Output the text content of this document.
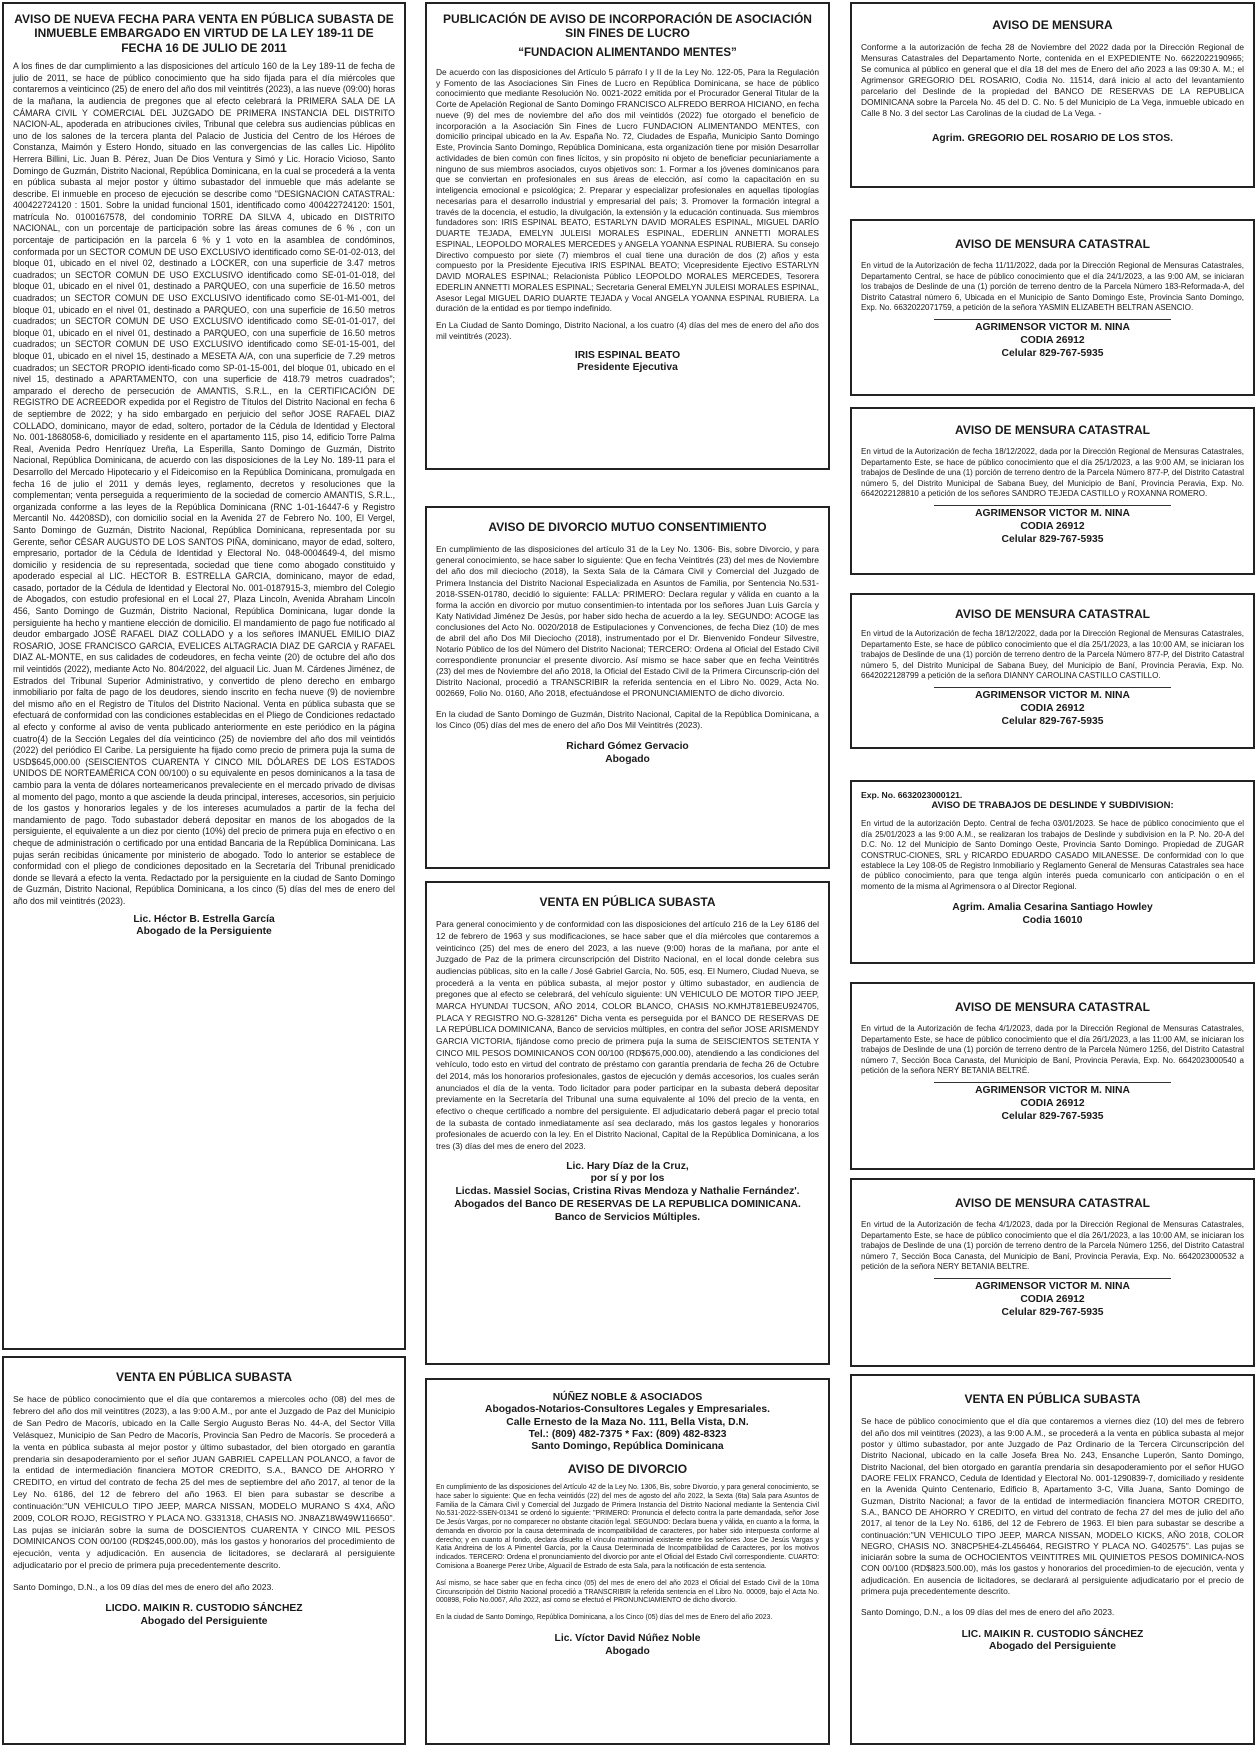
AVISO DE NUEVA FECHA PARA VENTA EN PÚBLICA SUBASTA DE INMUEBLE EMBARGADO EN VIRTUD DE LA LEY 189-11 DE FECHA 16 DE JULIO DE 2011
A los fines de dar cumplimiento a las disposiciones del artículo 160 de la Ley 189-11 de fecha de julio de 2011, se hace de público conocimiento que ha sido fijada para el día miércoles que contaremos a veinticinco (25) de enero del año dos mil veintitrés (2023), a las nueve (09:00) horas de la mañana, la audiencia de pregones que al efecto celebrará la PRIMERA SALA DE LA CÁMARA CIVIL Y COMERCIAL DEL JUZGADO DE PRIMERA INSTANCIA DEL DISTRITO NACION-AL, apoderada en atribuciones civiles, Tribunal que celebra sus audiencias públicas en uno de los salones de la tercera planta del Palacio de Justicia del Centro de los Héroes de Constanza, Maimón y Estero Hondo, situado en las convergencias de las calles Lic. Hipólito Herrera Billini, Lic. Juan B. Pérez, Juan De Dios Ventura y Simó y Lic. Horacio Vicioso, Santo Domingo de Guzmán, Distrito Nacional, República Dominicana, en la cual se procederá a la venta en pública subasta al mejor postor y último subastador del inmueble que más adelante se describe. El inmueble en proceso de ejecución se describe como "DESIGNACION CATASTRAL: 400422724120 : 1501. Sobre la unidad funcional 1501, identificado como 400422724120: 1501, matrícula No. 0100167578, del condominio TORRE DA SILVA 4, ubicado en DISTRITO NACIONAL, con un porcentaje de participación sobre las áreas comunes de 6 % , con un porcentaje de participación en la parcela 6 % y 1 voto en la asamblea de condóminos, conformada por un SECTOR COMUN DE USO EXCLUSIVO identificado como SE-01-02-013, del bloque 01, ubicado en el nivel 02, destinado a LOCKER, con una superficie de 3.47 metros cuadrados; un SECTOR COMUN DE USO EXCLUSIVO identificado como SE-01-01-018, del bloque 01, ubicado en el nivel 01, destinado a PARQUEO, con una superficie de 16.50 metros cuadrados; un SECTOR COMUN DE USO EXCLUSIVO identificado como SE-01-M1-001, del bloque 01, ubicado en el nivel 01, destinado a PARQUEO, con una superficie de 16.50 metros cuadrados; un SECTOR COMUN DE USO EXCLUSIVO identificado como SE-01-01-017, del bloque 01, ubicado en el nivel 01, destinado a PARQUEO, con una superficie de 16.50 metros cuadrados; un SECTOR COMUN DE USO EXCLUSIVO identificado como SE-01-15-001, del bloque 01, ubicado en el nivel 15, destinado a MESETA A/A, con una superficie de 7.29 metros cuadrados; un SECTOR PROPIO identi-ficado como SP-01-15-001, del bloque 01, ubicado en el nivel 15, destinado a APARTAMENTO, con una superficie de 418.79 metros cuadrados"; amparado el derecho de persecución de AMANTIS, S.R.L., en la CERTIFICACIÓN DE REGISTRO DE ACREEDOR expedida por el Registro de Títulos del Distrito Nacional en fecha 6 de septiembre de 2022; y ha sido embargado en perjuicio del señor JOSE RAFAEL DIAZ COLLADO, dominicano, mayor de edad, soltero, portador de la Cédula de Identidad y Electoral No. 001-1868058-6, domiciliado y residente en el apartamento 115, piso 14, edificio Torre Palma Real, Avenida Pedro Henríquez Ureña, La Esperilla, Santo Domingo de Guzmán, Distrito Nacional, República Dominicana, de acuerdo con las disposiciones de la Ley No. 189-11 para el Desarrollo del Mercado Hipotecario y el Fideicomiso en la República Dominicana, promulgada en fecha 16 de julio el 2011 y demás leyes, reglamento, decretos y resoluciones que la complementan; venta perseguida a requerimiento de la sociedad de comercio AMANTIS, S.R.L., organizada conforme a las leyes de la República Dominicana (RNC 1-01-16447-6 y Registro Mercantil No. 44208SD), con domicilio social en la Avenida 27 de Febrero No. 100, El Vergel, Santo Domingo de Guzmán, Distrito Nacional, República Dominicana, representada por su Gerente, señor CÉSAR AUGUSTO DE LOS SANTOS PIÑA, dominicano, mayor de edad, soltero, empresario, portador de la Cédula de Identidad y Electoral No. 048-0004649-4, del mismo domicilio y residencia de su representada, sociedad que tiene como abogado constituido y apoderado especial al LIC. HECTOR B. ESTRELLA GARCIA, dominicano, mayor de edad, casado, portador de la Cédula de Identidad y Electoral No. 001-0187915-3, miembro del Colegio de Abogados, con estudio profesional en el Local 27, Plaza Lincoln, Avenida Abraham Lincoln 456, Santo Domingo de Guzmán, Distrito Nacional, República Dominicana, lugar donde la persiguiente ha hecho y mantiene elección de domicilio. El mandamiento de pago fue notificado al deudor embargado JOSÉ RAFAEL DIAZ COLLADO y a los señores IMANUEL EMILIO DIAZ ROSARIO, JOSE FRANCISCO GARCIA, EVELICES ALTAGRACIA DIAZ DE GARCIA y RAFAEL DIAZ AL-MONTE, en sus calidades de codeudores, en fecha veinte (20) de octubre del año dos mil veintidós (2022), mediante Acto No. 804/2022, del alguacil Lic. Juan M. Cárdenes Jiménez, de Estrados del Tribunal Superior Administrativo, y convertido de pleno derecho en embargo inmobiliario por falta de pago de los deudores, siendo inscrito en fecha nueve (9) de noviembre del mismo año en el Registro de Títulos del Distrito Nacional. Venta en pública subasta que se efectuará de conformidad con las condiciones establecidas en el Pliego de Condiciones redactado al efecto y conforme al aviso de venta publicado anteriormente en este periódico en la página cuatro(4) de la Sección Legales del día veinticinco (25) de noviembre del año dos mil veintidós (2022) del periódico El Caribe. La persiguiente ha fijado como precio de primera puja la suma de USD$645,000.00 (SEISCIENTOS CUARENTA Y CINCO MIL DÓLARES DE LOS ESTADOS UNIDOS DE NORTEAMÉRICA CON 00/100) o su equivalente en pesos dominicanos a la tasa de cambio para la venta de dólares norteamericanos prevaleciente en el mercado privado de divisas al momento del pago, monto a que asciende la deuda principal, intereses, accesorios, sin perjuicio de los gastos y honorarios legales y de los intereses acumulados a partir de la fecha del mandamiento de pago. Todo subastador deberá depositar en manos de los abogados de la persiguiente, el equivalente a un diez por ciento (10%) del precio de primera puja en efectivo o en cheque de administración o certificado por una entidad Bancaria de la República Dominicana. Las pujas serán recibidas únicamente por ministerio de abogado. Todo lo anterior se establece de conformidad con el pliego de condiciones depositado en la Secretaría del Tribunal prenidicado donde se llevará a efecto la venta. Redactado por la persiguiente en la ciudad de Santo Domingo de Guzmán, Distrito Nacional, República Dominicana, a los cinco (5) días del mes de enero del año dos mil veintitrés (2023).
Lic. Héctor B. Estrella García
Abogado de la Persiguiente
VENTA EN PÚBLICA SUBASTA
Se hace de público conocimiento que el día que contaremos a miercoles ocho (08) del mes de febrero del año dos mil veintitres (2023), a las 9:00 A.M., por ante el Juzgado de Paz del Municipio de San Pedro de Macorís, ubicado en la Calle Sergio Augusto Beras No. 44-A, del Sector Villa Velásquez, Municipio de San Pedro de Macorís, Provincia San Pedro de Macorís. Se procederá a la venta en pública subasta al mejor postor y último subastador, del bien otorgado en garantía prendaria sin desapoderamiento por el señor JUAN GABRIEL CAPELLAN POLANCO, a favor de la entidad de intermediación financiera MOTOR CREDITO, S.A., BANCO DE AHORRO Y CREDITO, en virtud del contrato de fecha 25 del mes de septiembre del año 2017, al tenor de la Ley No. 6186, del 12 de febrero del año 1963. El bien para subastar se describe a continuación:"UN VEHICULO TIPO JEEP, MARCA NISSAN, MODELO MURANO S 4X4, AÑO 2009, COLOR ROJO, REGISTRO Y PLACA NO. G331318, CHASIS NO. JN8AZ18W49W116650". Las pujas se iniciarán sobre la suma de DOSCIENTOS CUARENTA Y CINCO MIL PESOS DOMINICANOS CON 00/100 (RD$245,000.00), más los gastos y honorarios del procedimiento de ejecución, venta y adjudicación. En ausencia de licitadores, se declarará al persiguiente adjudicatario por el precio de primera puja precedentemente descrito.
Santo Domingo, D.N., a los 09 días del mes de enero del año 2023.
LICDO. MAIKIN R. CUSTODIO SÁNCHEZ
Abogado del Persiguiente
PUBLICACIÓN DE AVISO DE INCORPORACIÓN DE ASOCIACIÓN SIN FINES DE LUCRO
“FUNDACION ALIMENTANDO MENTES”
De acuerdo con las disposiciones del Artículo 5 párrafo I y II de la Ley No. 122-05, Para la Regulación y Fomento de las Asociaciones Sin Fines de Lucro en República Dominicana, se hace de público conocimiento que mediante Resolución No. 0021-2022 emitida por el Procurador General Titular de la Corte de Apelación Regional de Santo Domingo FRANCISCO ALFREDO BERROA HICIANO, en fecha nueve (9) del mes de noviembre del año dos mil veintidós (2022) fue otorgado el beneficio de incorporación a la Asociación Sin Fines de Lucro FUNDACION ALIMENTANDO MENTES, con domicilio principal ubicado en la Av. España No. 72, Ciudades de España, Municipio Santo Domingo Este, Provincia Santo Domingo, República Dominicana, esta organización tiene por misión Desarrollar actividades de bien común con fines lícitos, y sin propósito ni objeto de beneficiar pecuniariamente a ninguno de sus miembros asociados, cuyos objetivos son: 1. Formar a los jóvenes dominicanos para que se conviertan en profesionales en sus áreas de elección, así como la capacitación en su inteligencia emocional e psicológica; 2. Preparar y especializar profesionales en aquellas tipologías necesarias para el desarrollo industrial y empresarial del país; 3. Promover la formación integral a través de la docencia, el estudio, la divulgación, la extensión y la educación continuada. Sus miembros fundadores son: IRIS ESPINAL BEATO, ESTARLYN DAVID MORALES ESPINAL, MIGUEL DARÍO DUARTE TEJADA, EMELYN JULEISI MORALES ESPINAL, EDERLIN ANNETTI MORALES ESPINAL, LEOPOLDO MORALES MERCEDES y ANGELA YOANNA ESPINAL RUBIERA. Su consejo Directivo compuesto por siete (7) miembros el cual tiene una duración de dos (2) años y esta compuesto por la Presidente Ejecutiva IRIS ESPINAL BEATO; Vicepresidente Ejectivo ESTARLYN DAVID MORALES ESPINAL; Relacionista Público LEOPOLDO MORALES MERCEDES, Tesorera EDERLIN ANNETTI MORALES ESPINAL; Secretaria General EMELYN JULEISI MORALES ESPINAL, Asesor Legal MIGUEL DARIO DUARTE TEJADA y Vocal ANGELA YOANNA ESPINAL RUBIERA. La duración de la entidad es por tiempo indefinido.
En La Ciudad de Santo Domingo, Distrito Nacional, a los cuatro (4) días del mes de enero del año dos mil veintitrés (2023).
IRIS ESPINAL BEATO
Presidente Ejecutiva
AVISO DE DIVORCIO MUTUO CONSENTIMIENTO
En cumplimiento de las disposiciones del artículo 31 de la Ley No. 1306- Bis, sobre Divorcio, y para general conocimiento, se hace saber lo siguiente: Que en fecha Veintitrés (23) del mes de Noviembre del año dos mil dieciocho (2018), la Sexta Sala de la Cámara Civil y Comercial del Juzgado de Primera Instancia del Distrito Nacional Especializada en Asuntos de Familia, por Sentencia No.531-2018-SSEN-01780, decidió lo siguiente: FALLA: PRIMERO: Declara regular y válida en cuanto a la forma la acción en divorcio por mutuo consentimien-to intentada por los señores Juan Luis García y Katy Natividad Jiménez De Jesús, por haber sido hecha de acuerdo a la ley. SEGUNDO: ACOGE las conclusiones del Acto No. 0020/2018 de Estipulaciones y Convenciones, de fecha Diez (10) de mes de abril del año Dos Mil Dieciocho (2018), instrumentado por el Dr. Bienvenido Fondeur Silvestre, Notario Público de los del Número del Distrito Nacional; TERCERO: Ordena al Oficial del Estado Civil correspondiente pronunciar el presente divorcio. Así mismo se hace saber que en fecha Veintitrés (23) del mes de Noviembre del año 2018, la Oficial del Estado Civil de la Primera Circunscrip-ción del Distrito Nacional, procedió a TRANSCRIBIR la referida sentencia en el Libro No. 0029, Acta No. 002669, Folio No. 0160, Año 2018, efectuándose el PRONUNCIAMIENTO de dicho divorcio.
En la ciudad de Santo Domingo de Guzmán, Distrito Nacional, Capital de la República Dominicana, a los Cinco (05) días del mes de enero del año Dos Mil Veintitrés (2023).
Richard Gómez Gervacio
Abogado
VENTA EN PÚBLICA SUBASTA
Para general conocimiento y de conformidad con las disposiciones del artículo 216 de la Ley 6186 del 12 de febrero de 1963 y sus modificaciones, se hace saber que el día miércoles que contaremos a veinticinco (25) del mes de enero del 2023, a las nueve (9:00) horas de la mañana, por ante el Juzgado de Paz de la primera circunscripción del Distrito Nacional, en el local donde celebra sus audiencias públicas, sito en la calle / José Gabriel García, No. 505, esq. El Numero, Ciudad Nueva, se procederá a la venta en pública subasta, al mejor postor y último subastador, en audiencia de pregones que al efecto se celebrará, del vehículo siguiente: UN VEHICULO DE MOTOR TIPO JEEP, MARCA HYUNDAI TUCSON, AÑO 2014, COLOR BLANCO, CHASIS NO.KMHJT81EBEU924705, PLACA Y REGISTRO NO.G-328126" Dicha venta es perseguida por el BANCO DE RESERVAS DE LA REPÚBLICA DOMINICANA, Banco de servicios múltiples, en contra del señor JOSE ARISMENDY GARCIA VICTORIA, fijándose como precio de primera puja la suma de SEISCIENTOS SETENTA Y CINCO MIL PESOS DOMINICANOS CON 00/100 (RD$675,000.00), atendiendo a las condiciones del vehículo, todo esto en virtud del contrato de préstamo con garantía prendaria de fecha 26 de Octubre del 2014, más los honorarios profesionales, gastos de ejecución y demás accesorios, los cuales serán anunciados el día de la venta. Todo licitador para poder participar en la subasta deberá depositar previamente en la Secretaría del Tribunal una suma equivalente al 10% del precio de la venta, en efectivo o cheque certificado a nombre del persiguiente. El adjudicatario deberá pagar el precio total de la subasta de contado inmediatamente así sea declarado, más los gastos legales y honorarios profesionales de acuerdo con la ley. En el Distrito Nacional, Capital de la República Dominicana, a los tres (3) días del mes de enero del 2023.
Lic. Hary Díaz de la Cruz,
por sí y por los
Licdas. Massiel Socias, Cristina Rivas Mendoza y Nathalie Fernández'.
Abogados del Banco DE RESERVAS DE LA REPUBLICA DOMINICANA.
Banco de Servicios Múltiples.
NÚÑEZ NOBLE & ASOCIADOS
Abogados-Notarios-Consultores Legales y Empresariales.
Calle Ernesto de la Maza No. 111, Bella Vista, D.N.
Tel.: (809) 482-7375 * Fax: (809) 482-8323
Santo Domingo, República Dominicana
AVISO DE DIVORCIO
En cumplimiento de las disposiciones del Artículo 42 de la Ley No. 1306, Bis, sobre Divorcio, y para general conocimiento, se hace saber lo siguiente: Que en fecha veintidós (22) del mes de agosto del año 2022, la Sexta (6ta) Sala para Asuntos de Familia de la Cámara Civil y Comercial del Juzgado de Primera Instancia del Distrito Nacional mediante la Sentencia Civil No.531-2022-SSEN-01341 se ordenó lo siguiente: "PRIMERO: Pronuncia el defecto contra la parte demandada, señor Jose De Jesús Vargas, por no comparecer no obstante citación legal. SEGUNDO: Declara buena y válida, en cuanto a la forma, la demanda en divorcio por la causa determinada de incompatibilidad de caracteres, por haber sido interpuesta conforme al derecho; y en cuanto al fondo, declara disuelto el vínculo matrimonial existente entre los señores Jose De Jesús Vargas y Katia Andreina de los A Pimentel García, por la Causa Determinada de Incompatibilidad de Caracteres, por los motivos indicados. TERCERO: Ordena el pronunciamiento del divorcio por ante el Oficial del Estado Civil correspondiente. CUARTO: Comisiona a Boanerge Perez Uribe, Alguacil de Estrado de esta Sala, para la notificación de esta sentencia.
Así mismo, se hace saber que en fecha cinco (05) del mes de enero del año 2023 el Oficial del Estado Civil de la 10ma Circunscripción del Distrito Nacional procedió a TRANSCRIBIR la referida sentencia en el Libro No. 00009, bajo el Acta No. 000898, Folio No.0067, Año 2022, así como se efectuó el PRONUNCIAMIENTO de dicho divorcio.
En la ciudad de Santo Domingo, República Dominicana, a los Cinco (05) días del mes de Enero del año 2023.
Lic. Víctor David Núñez Noble
Abogado
AVISO DE MENSURA
Conforme a la autorización de fecha 28 de Noviembre del 2022 dada por la Dirección Regional de Mensuras Catastrales del Departamento Norte, contenida en el EXPEDIENTE No. 6622022190965; Se comunica al público en general que el día 18 del mes de Enero del año 2023 a las 09:30 A. M.; el Agrimensor GREGORIO DEL ROSARIO, Codia No. 11514, dará inicio al acto del levantamiento parcelario del Deslinde de la propiedad del BANCO DE RESERVAS DE LA REPUBLICA DOMINICANA sobre la Parcela No. 45 del D. C. No. 5 del Municipio de La Vega, inmueble ubicado en Calle 8 No. 3 del sector Las Carolinas de la ciudad de La Vega. -
Agrim. GREGORIO DEL ROSARIO DE LOS STOS.
AVISO DE MENSURA CATASTRAL
En virtud de la Autorización de fecha 11/11/2022, dada por la Dirección Regional de Mensuras Catastrales, Departamento Central, se hace de público conocimiento que el día 24/1/2023, a las 9:00 AM, se iniciaran los trabajos de Deslinde de una (1) porción de terreno dentro de la Parcela Número 183-Reformada-A, del Distrito Catastral número 6, Ubicada en el Municipio de Santo Domingo Este, Provincia Santo Domingo, Exp. No. 6632022071759, a petición de la señora YASMIN ELIZABETH BELTRAN ASENCIO.
AGRIMENSOR VICTOR M. NINA
CODIA 26912
Celular 829-767-5935
AVISO DE MENSURA CATASTRAL
En virtud de la Autorización de fecha 18/12/2022, dada por la Dirección Regional de Mensuras Catastrales, Departamento Este, se hace de público conocimiento que el día 25/1/2023, a las 9:00 AM, se iniciaran los trabajos de Deslinde de una (1) porción de terreno dentro de la Parcela Número 877-P, del Distrito Catastral número 5, del Distrito Municipal de Sabana Buey, del Municipio de Baní, Provincia Peravia, Exp. No. 6642022128810 a petición de los señores SANDRO TEJEDA CASTILLO y ROXANNA ROMERO.
AGRIMENSOR VICTOR M. NINA
CODIA 26912
Celular 829-767-5935
AVISO DE MENSURA CATASTRAL
En virtud de la Autorización de fecha 18/12/2022, dada por la Dirección Regional de Mensuras Catastrales, Departamento Este, se hace de público conocimiento que el día 25/1/2023, a las 10:00 AM, se iniciaran los trabajos de Deslinde de una (1) porción de terreno dentro de la Parcela Número 877-P, del Distrito Catastral número 5, del Distrito Municipal de Sabana Buey, del Municipio de Baní, Provincia Peravia, Exp. No. 6642022128799 a petición de la señora DIANNY CAROLINA CASTILLO CASTILLO.
AGRIMENSOR VICTOR M. NINA
CODIA 26912
Celular 829-767-5935
Exp. No. 6632023000121.
AVISO DE TRABAJOS DE DESLINDE Y SUBDIVISION:
En virtud de la autorización Depto. Central de fecha 03/01/2023. Se hace de público conocimiento que el día 25/01/2023 a las 9:00 A.M., se realizaran los trabajos de Deslinde y subdivision en la P. No. 20-A del D.C. No. 12 del Municipio de Santo Domingo Oeste, Provincia Santo Domingo. Propiedad de ZUGAR CONSTRUC-CIONES, SRL y RICARDO EDUARDO CASADO MILANESSE. De conformidad con lo que establece la Ley 108-05 de Registro Inmobiliario y Reglamento General de Mensuras Catastrales sea hace de público conocimiento, para que tenga algún interés pueda comunicarlo con anticipación o en el momento de la misma al Agrimensora o al Director Regional.
Agrim. Amalia Cesarina Santiago Howley
Codia 16010
AVISO DE MENSURA CATASTRAL
En virtud de la Autorización de fecha 4/1/2023, dada por la Dirección Regional de Mensuras Catastrales, Departamento Este, se hace de público conocimiento que el día 26/1/2023, a las 11:00 AM, se iniciaran los trabajos de Deslinde de una (1) porción de terreno dentro de la Parcela Número 1256, del Distrito Catastral número 7, Sección Boca Canasta, del Municipio de Baní, Provincia Peravia, Exp. No. 6642023000540 a petición de la señora NERY BETANIA BELTRÉ.
AGRIMENSOR VICTOR M. NINA
CODIA 26912
Celular 829-767-5935
AVISO DE MENSURA CATASTRAL
En virtud de la Autorización de fecha 4/1/2023, dada por la Dirección Regional de Mensuras Catastrales, Departamento Este, se hace de público conocimiento que el día 26/1/2023, a las 10:00 AM, se iniciaran los trabajos de Deslinde de una (1) porción de terreno dentro de la Parcela Número 1256, del Distrito Catastral número 7, Sección Boca Canasta, del Municipio de Baní, Provincia Peravia, Exp. No. 6642023000532 a petición de la señora NERY BETANIA BELTRE.
AGRIMENSOR VICTOR M. NINA
CODIA 26912
Celular 829-767-5935
VENTA EN PÚBLICA SUBASTA
Se hace de público conocimiento que el día que contaremos a viernes diez (10) del mes de febrero del año dos mil veintitres (2023), a las 9:00 A.M., se procederá a la venta en pública subasta al mejor postor y último subastador, por ante Juzgado de Paz Ordinario de la Tercera Circunscripción del Distrito Nacional, ubicado en la calle Josefa Brea No. 243, Ensanche Luperón, Santo Domingo, Distrito Nacional, del bien otorgado en garantía prendaria sin desapoderamiento por el señor HUGO DAORE FELIX FRANCO, Cedula de Identidad y Electoral No. 001-1290839-7, domiciliado y residente en la Avenida Quinto Centenario, Edificio 8, Apartamento 3-C, Villa Juana, Santo Domingo de Guzman, Distrito Nacional; a favor de la entidad de intermediación financiera MOTOR CREDITO, S.A., BANCO DE AHORRO Y CREDITO, en virtud del contrato de fecha 27 del mes de julio del año 2017, al tenor de la Ley No. 6186, del 12 de Febrero de 1963. El bien para subastar se describe a continuación:"UN VEHICULO TIPO JEEP, MARCA NISSAN, MODELO KICKS, AÑO 2018, COLOR NEGRO, CHASIS NO. 3N8CP5HE4-ZL456464, REGISTRO Y PLACA NO. G402575". Las pujas se iniciarán sobre la suma de OCHOCIENTOS VEINTITRES MIL QUINIETOS PESOS DOMINICA-NOS CON 00/100 (RD$823.500.00), más los gastos y honorarios del procedimien-to de ejecución, venta y adjudicación. En ausencia de licitadores, se declarará al persiguiente adjudicatario por el precio de primera puja precedentemente descrito.
Santo Domingo, D.N., a los 09 días del mes de enero del año 2023.
LIC. MAIKIN R. CUSTODIO SÁNCHEZ
Abogado del Persiguiente
